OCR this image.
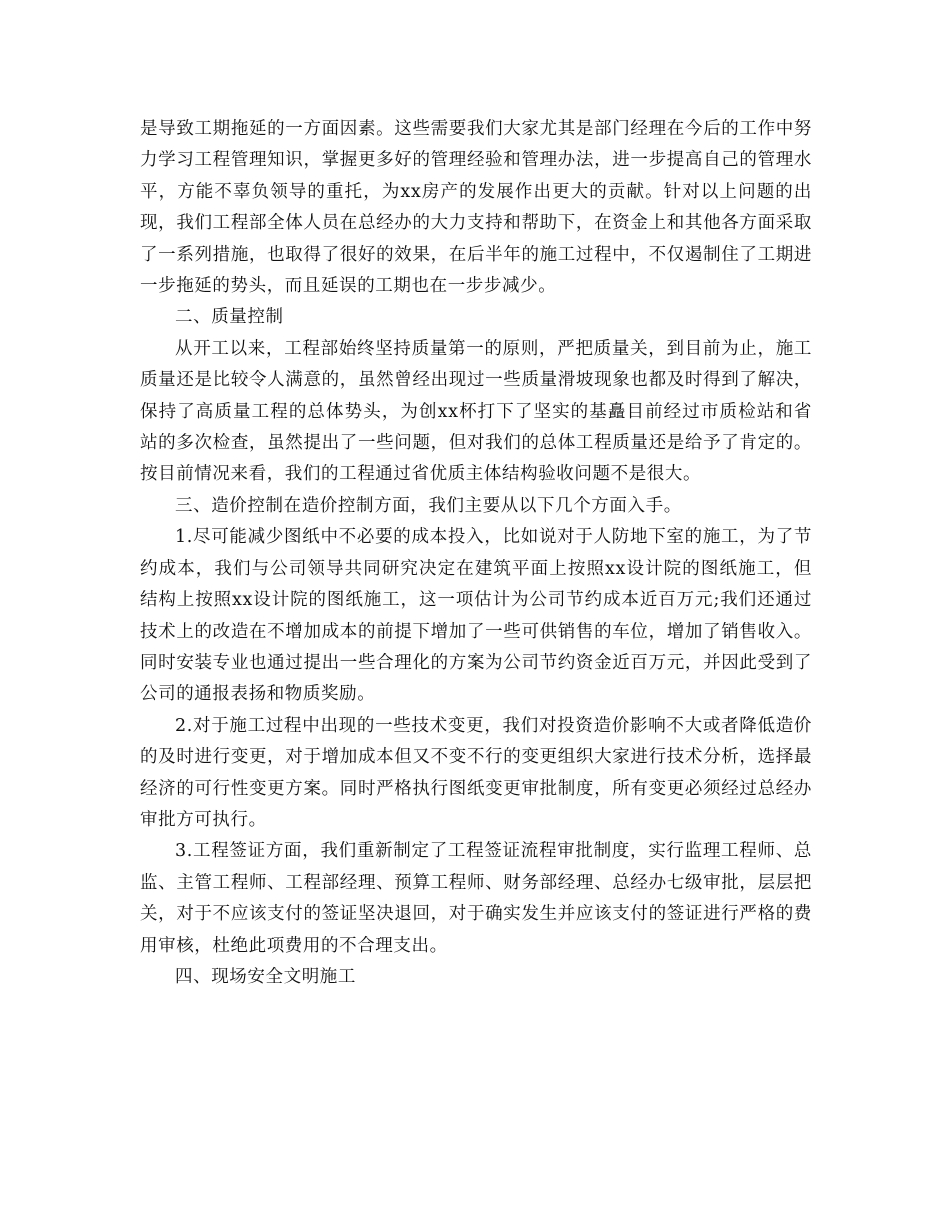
是导致工期拖延的一方面因素。这些需要我们大家尤其是部门经理在今后的工作中努力学习工程管理知识，掌握更多好的管理经验和管理办法，进一步提高自己的管理水平，方能不辜负领导的重托，为xx房产的发展作出更大的贡献。针对以上问题的出现，我们工程部全体人员在总经办的大力支持和帮助下，在资金上和其他各方面采取了一系列措施，也取得了很好的效果，在后半年的施工过程中，不仅遏制住了工期进一步拖延的势头，而且延误的工期也在一步步减少。

二、质量控制

从开工以来，工程部始终坚持质量第一的原则，严把质量关，到目前为止，施工质量还是比较令人满意的，虽然曾经出现过一些质量滑坡现象也都及时得到了解决，保持了高质量工程的总体势头，为创xx杯打下了坚实的基矗目前经过市质检站和省站的多次检查，虽然提出了一些问题，但对我们的总体工程质量还是给予了肯定的。按目前情况来看，我们的工程通过省优质主体结构验收问题不是很大。

三、造价控制在造价控制方面，我们主要从以下几个方面入手。

1.尽可能减少图纸中不必要的成本投入，比如说对于人防地下室的施工，为了节约成本，我们与公司领导共同研究决定在建筑平面上按照xx设计院的图纸施工，但结构上按照xx设计院的图纸施工，这一项估计为公司节约成本近百万元;我们还通过技术上的改造在不增加成本的前提下增加了一些可供销售的车位，增加了销售收入。同时安装专业也通过提出一些合理化的方案为公司节约资金近百万元，并因此受到了公司的通报表扬和物质奖励。

2.对于施工过程中出现的一些技术变更，我们对投资造价影响不大或者降低造价的及时进行变更，对于增加成本但又不变不行的变更组织大家进行技术分析，选择最经济的可行性变更方案。同时严格执行图纸变更审批制度，所有变更必须经过总经办审批方可执行。

3.工程签证方面，我们重新制定了工程签证流程审批制度，实行监理工程师、总监、主管工程师、工程部经理、预算工程师、财务部经理、总经办七级审批，层层把关，对于不应该支付的签证坚决退回，对于确实发生并应该支付的签证进行严格的费用审核，杜绝此项费用的不合理支出。

四、现场安全文明施工
